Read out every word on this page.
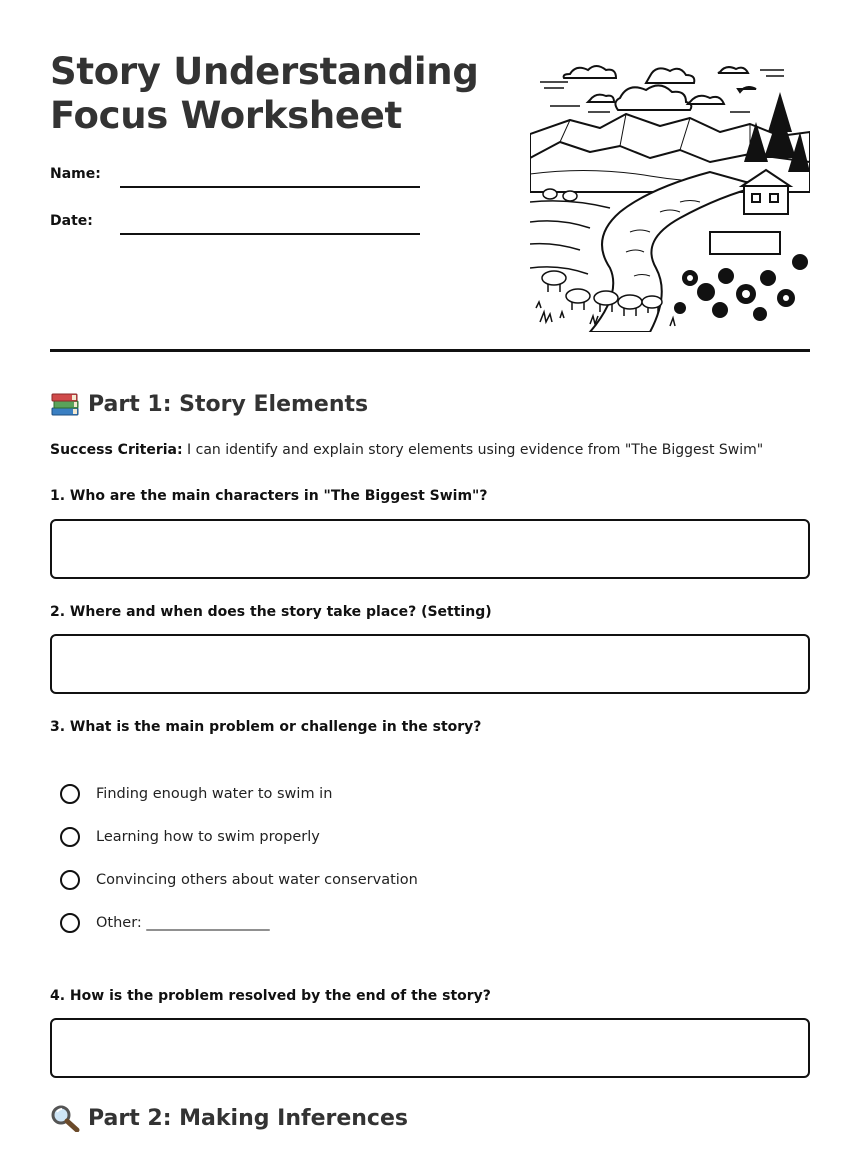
Story Understanding
Focus Worksheet
Name:
Date:
Part 1: Story Elements
Success Criteria: I can identify and explain story elements using evidence from "The Biggest Swim"
1. Who are the main characters in "The Biggest Swim"?
2. Where and when does the story take place? (Setting)
3. What is the main problem or challenge in the story?
Finding enough water to swim in
Learning how to swim properly
Convincing others about water conservation
Other: _________________
4. How is the problem resolved by the end of the story?
Part 2: Making Inferences
